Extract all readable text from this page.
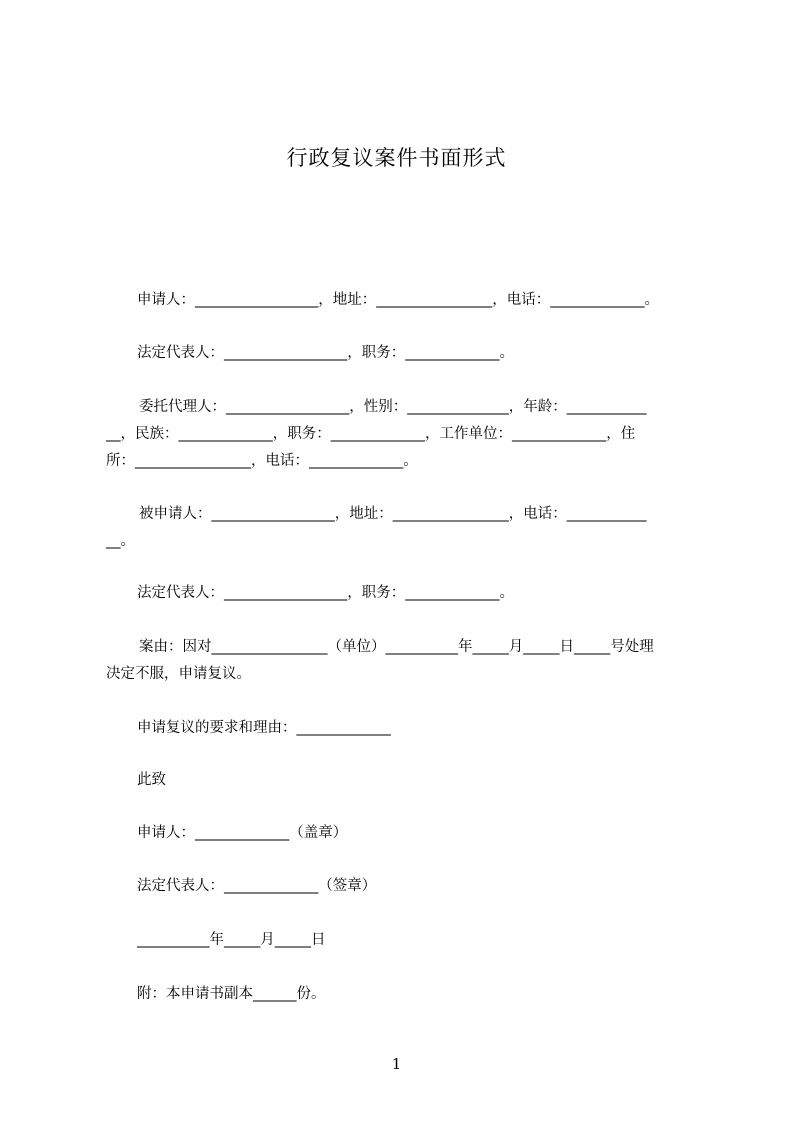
行政复议案件书面形式
申请人：_________________，地址：________________，电话：_____________。
法定代表人：_________________，职务：_____________。
委托代理人：_________________，性别：______________，年龄：___________
__，民族：_____________，职务：_____________，工作单位：_____________，住
所：________________，电话：_____________。
被申请人：_________________，地址：________________，电话：___________
__。
法定代表人：_________________，职务：_____________。
案由：因对________________（单位）__________年_____月_____日_____号处理
决定不服，申请复议。
申请复议的要求和理由：_____________
此致
申请人：_____________（盖章）
法定代表人：_____________（签章）
__________年_____月_____日
附：本申请书副本______份。
1
